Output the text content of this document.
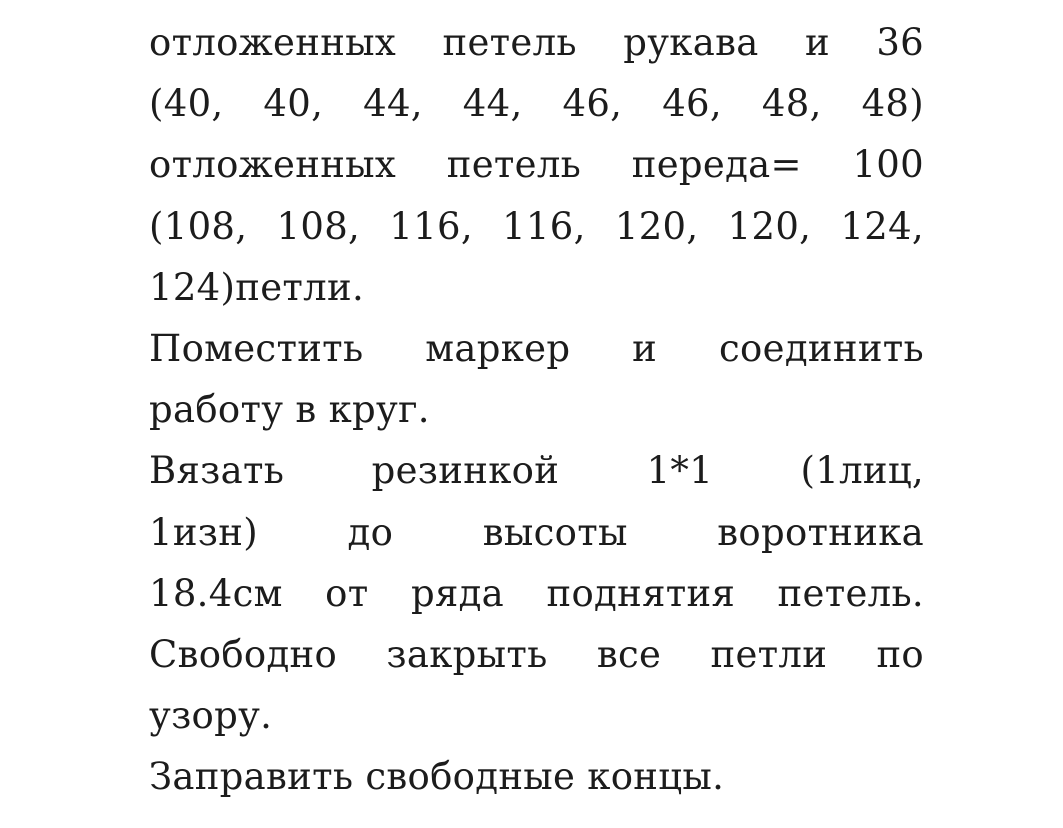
отложенных петель рукава и 36
(40, 40, 44, 44, 46, 46, 48, 48)
отложенных петель переда= 100
(108, 108, 116, 116, 120, 120, 124,
124)петли.

Поместить маркер и соединить
работу в круг.

Вязать резинкой 1*1 (1лиц,
1изн) до высоты воротника
18.4см от ряда поднятия петель.

Свободно закрыть все петли по
узору.

Заправить свободные концы.
